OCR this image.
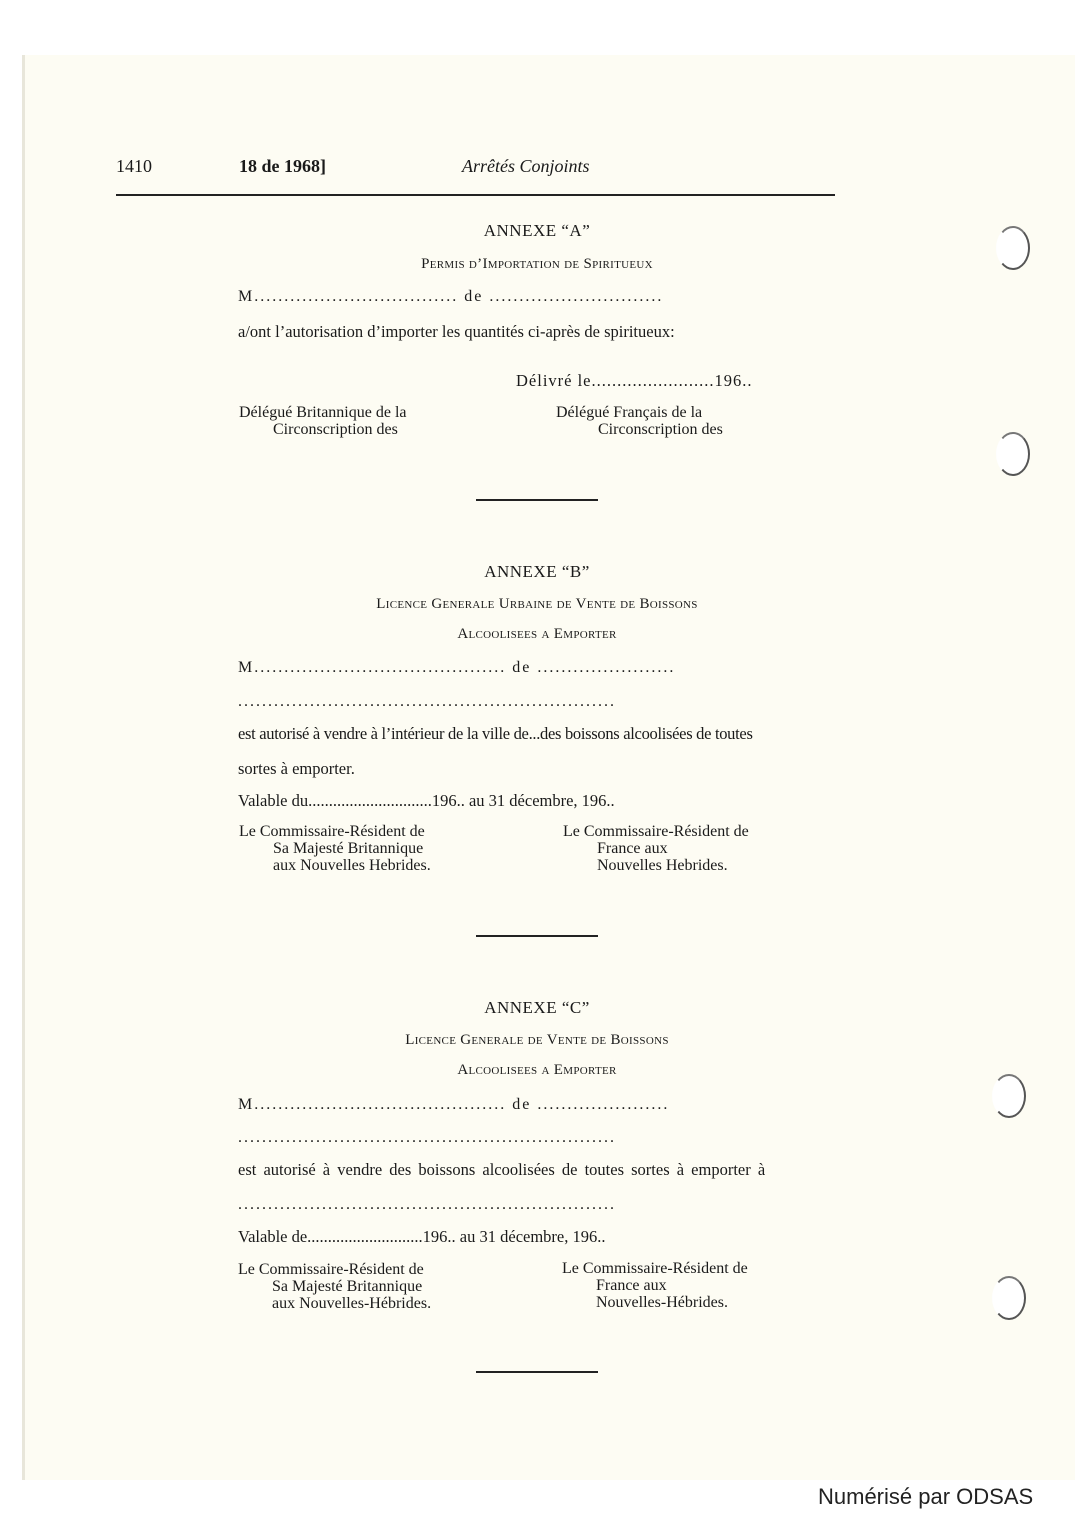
1410	18 de 1968]	Arrêtés Conjoints
ANNEXE “A”
Permis d’Importation de Spiritueux
M.................................. de .............................
a/ont l’autorisation d’importer les quantités ci-après de spiritueux:
Délivré le........................196..
Délégué Britannique de la
Circonscription des
Délégué Français de la
Circonscription des
ANNEXE “B”
Licence Generale Urbaine de Vente de Boissons
Alcoolisees a Emporter
M.......................................... de .......................
...............................................................
est autorisé à vendre à l’intérieur de la ville de...des boissons alcoolisées de toutes
sortes à emporter.
Valable du..............................196.. au 31 décembre, 196..
Le Commissaire-Résident de
Sa Majesté Britannique
aux Nouvelles Hebrides.
Le Commissaire-Résident de
France aux
Nouvelles Hebrides.
ANNEXE “C”
Licence Generale de Vente de Boissons
Alcoolisees a Emporter
M.......................................... de ......................
...............................................................
est autorisé à vendre des boissons alcoolisées de toutes sortes à emporter à
...............................................................
Valable de............................196.. au 31 décembre, 196..
Le Commissaire-Résident de
Sa Majesté Britannique
aux Nouvelles-Hébrides.
Le Commissaire-Résident de
France aux
Nouvelles-Hébrides.
Numérisé par ODSAS
